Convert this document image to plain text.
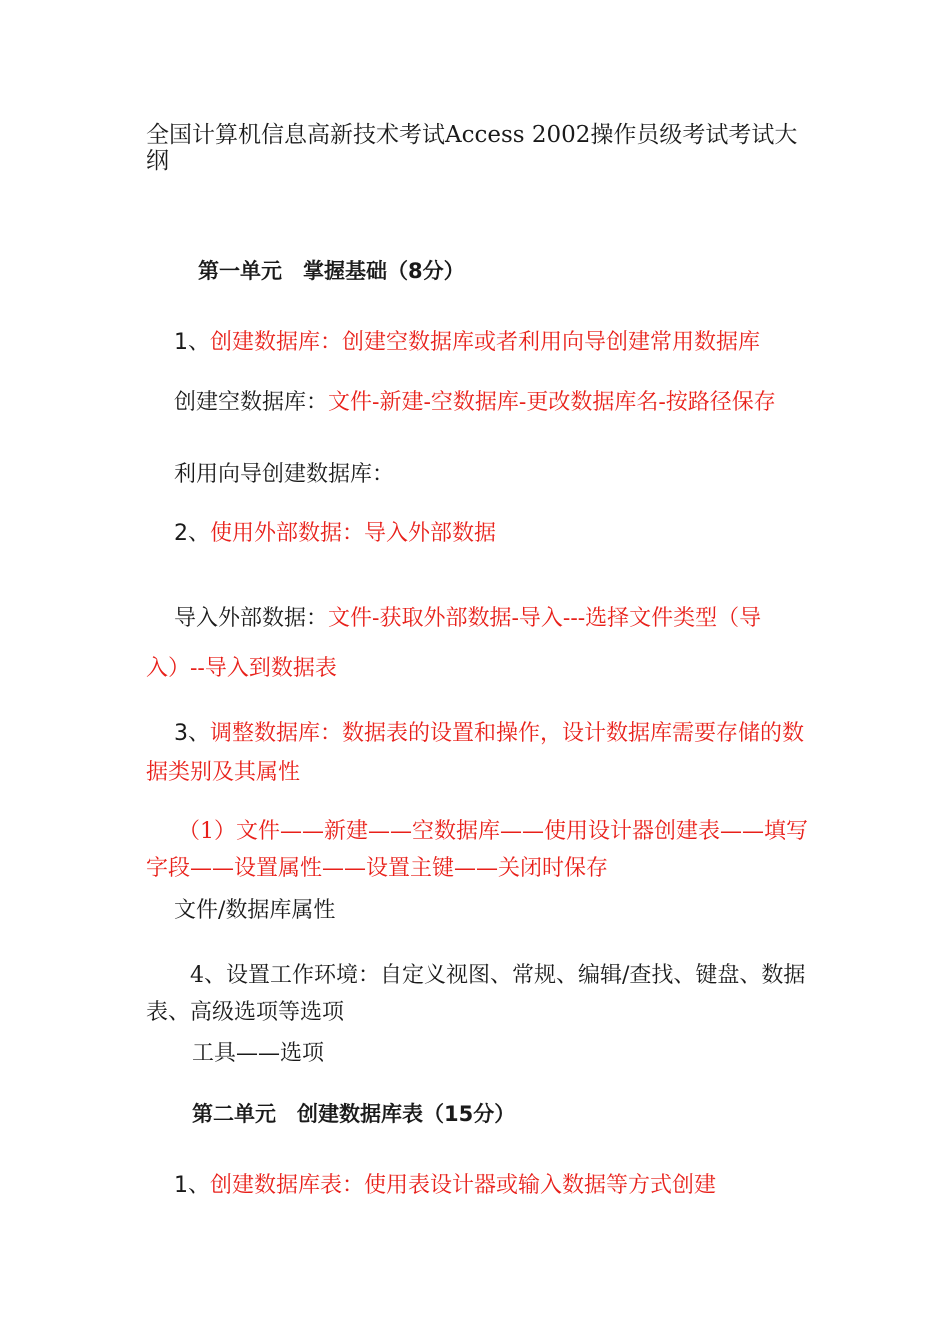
全国计算机信息高新技术考试Access 2002操作员级考试考试大纲
第一单元　掌握基础（8分）
1、创建数据库：创建空数据库或者利用向导创建常用数据库
创建空数据库：文件-新建-空数据库-更改数据库名-按路径保存
利用向导创建数据库：
2、使用外部数据：导入外部数据
导入外部数据：文件-获取外部数据-导入---选择文件类型（导入）--导入到数据表
3、调整数据库：数据表的设置和操作，设计数据库需要存储的数据类别及其属性
（1）文件——新建——空数据库——使用设计器创建表——填写字段——设置属性——设置主键——关闭时保存
文件/数据库属性
4、设置工作环境：自定义视图、常规、编辑/查找、键盘、数据表、高级选项等选项
工具——选项
第二单元　创建数据库表（15分）
1、创建数据库表：使用表设计器或输入数据等方式创建
